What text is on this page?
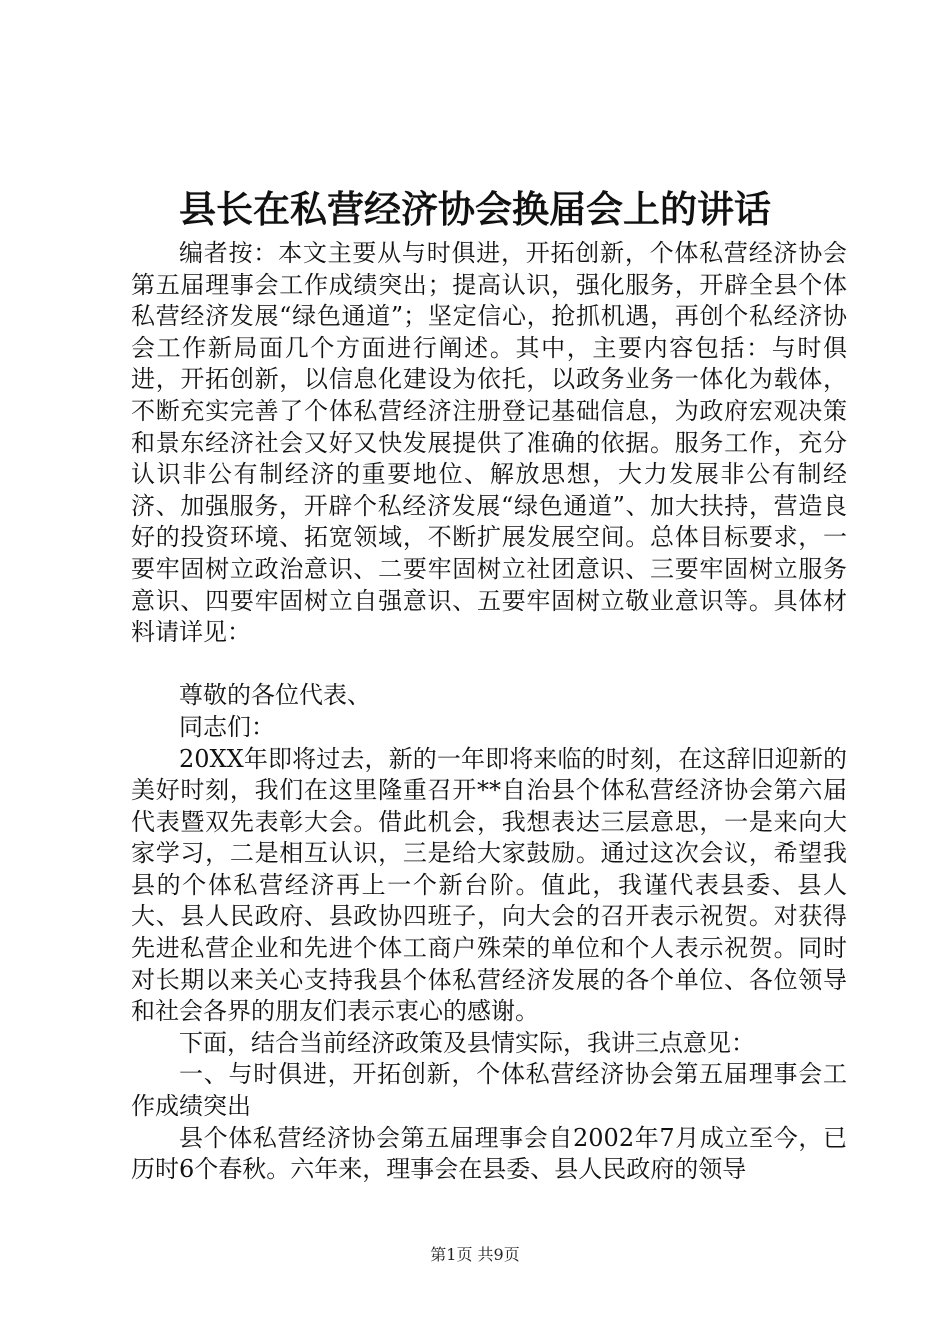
县长在私营经济协会换届会上的讲话

编者按：本文主要从与时俱进，开拓创新，个体私营经济协会第五届理事会工作成绩突出；提高认识，强化服务，开辟全县个体私营经济发展“绿色通道”；坚定信心，抢抓机遇，再创个私经济协会工作新局面几个方面进行阐述。其中，主要内容包括：与时俱进，开拓创新，以信息化建设为依托，以政务业务一体化为载体，不断充实完善了个体私营经济注册登记基础信息，为政府宏观决策和景东经济社会又好又快发展提供了准确的依据。服务工作，充分认识非公有制经济的重要地位、解放思想，大力发展非公有制经济、加强服务，开辟个私经济发展“绿色通道”、加大扶持，营造良好的投资环境、拓宽领域，不断扩展发展空间。总体目标要求，一要牢固树立政治意识、二要牢固树立社团意识、三要牢固树立服务意识、四要牢固树立自强意识、五要牢固树立敬业意识等。具体材料请详见：

尊敬的各位代表、

同志们：

20XX年即将过去，新的一年即将来临的时刻，在这辞旧迎新的美好时刻，我们在这里隆重召开**自治县个体私营经济协会第六届代表暨双先表彰大会。借此机会，我想表达三层意思，一是来向大家学习，二是相互认识，三是给大家鼓励。通过这次会议，希望我县的个体私营经济再上一个新台阶。值此，我谨代表县委、县人大、县人民政府、县政协四班子，向大会的召开表示祝贺。对获得先进私营企业和先进个体工商户殊荣的单位和个人表示祝贺。同时对长期以来关心支持我县个体私营经济发展的各个单位、各位领导和社会各界的朋友们表示衷心的感谢。

下面，结合当前经济政策及县情实际，我讲三点意见：

一、与时俱进，开拓创新，个体私营经济协会第五届理事会工作成绩突出

县个体私营经济协会第五届理事会自2002年7月成立至今，已历时6个春秋。六年来，理事会在县委、县人民政府的领导

第1页 共9页
